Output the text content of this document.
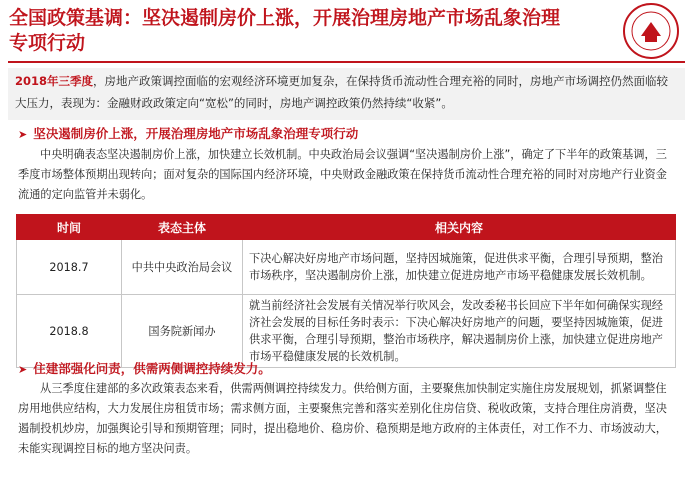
全国政策基调：坚决遏制房价上涨，开展治理房地产市场乱象治理
专项行动
2018年三季度，房地产政策调控面临的宏观经济环境更加复杂，在保持货币流动性合理充裕的同时，房地产市场调控仍然面临较大压力，表现为：金融财政政策定向“宽松”的同时，房地产调控政策仍然持续“收紧”。
➤ 坚决遏制房价上涨，开展治理房地产市场乱象治理专项行动
中央明确表态坚决遏制房价上涨，加快建立长效机制。中央政治局会议强调“坚决遏制房价上涨”，确定了下半年的政策基调，三季度市场整体预期出现转向；面对复杂的国际国内经济环境，中央财政金融政策在保持货币流动性合理充裕的同时对房地产行业资金流通的定向监管并未弱化。
时间	表态主体	相关内容
2018.7	中共中央政治局会议	下决心解决好房地产市场问题，坚持因城施策，促进供求平衡，合理引导预期，整治市场秩序，坚决遏制房价上涨，加快建立促进房地产市场平稳健康发展长效机制。
2018.8	国务院新闻办	就当前经济社会发展有关情况举行吹风会，发改委秘书长回应下半年如何确保实现经济社会发展的目标任务时表示：下决心解决好房地产的问题，要坚持因城施策，促进供求平衡，合理引导预期，整治市场秩序，解决遏制房价上涨，加快建立促进房地产市场平稳健康发展的长效机制。
➤ 住建部强化问责，供需两侧调控持续发力。
从三季度住建部的多次政策表态来看，供需两侧调控持续发力。供给侧方面，主要聚焦加快制定实施住房发展规划，抓紧调整住房用地供应结构，大力发展住房租赁市场；需求侧方面，主要聚焦完善和落实差别化住房信贷、税收政策，支持合理住房消费，坚决遏制投机炒房，加强舆论引导和预期管理；同时，提出稳地价、稳房价、稳预期是地方政府的主体责任，对工作不力、市场波动大，未能实现调控目标的地方坚决问责。
